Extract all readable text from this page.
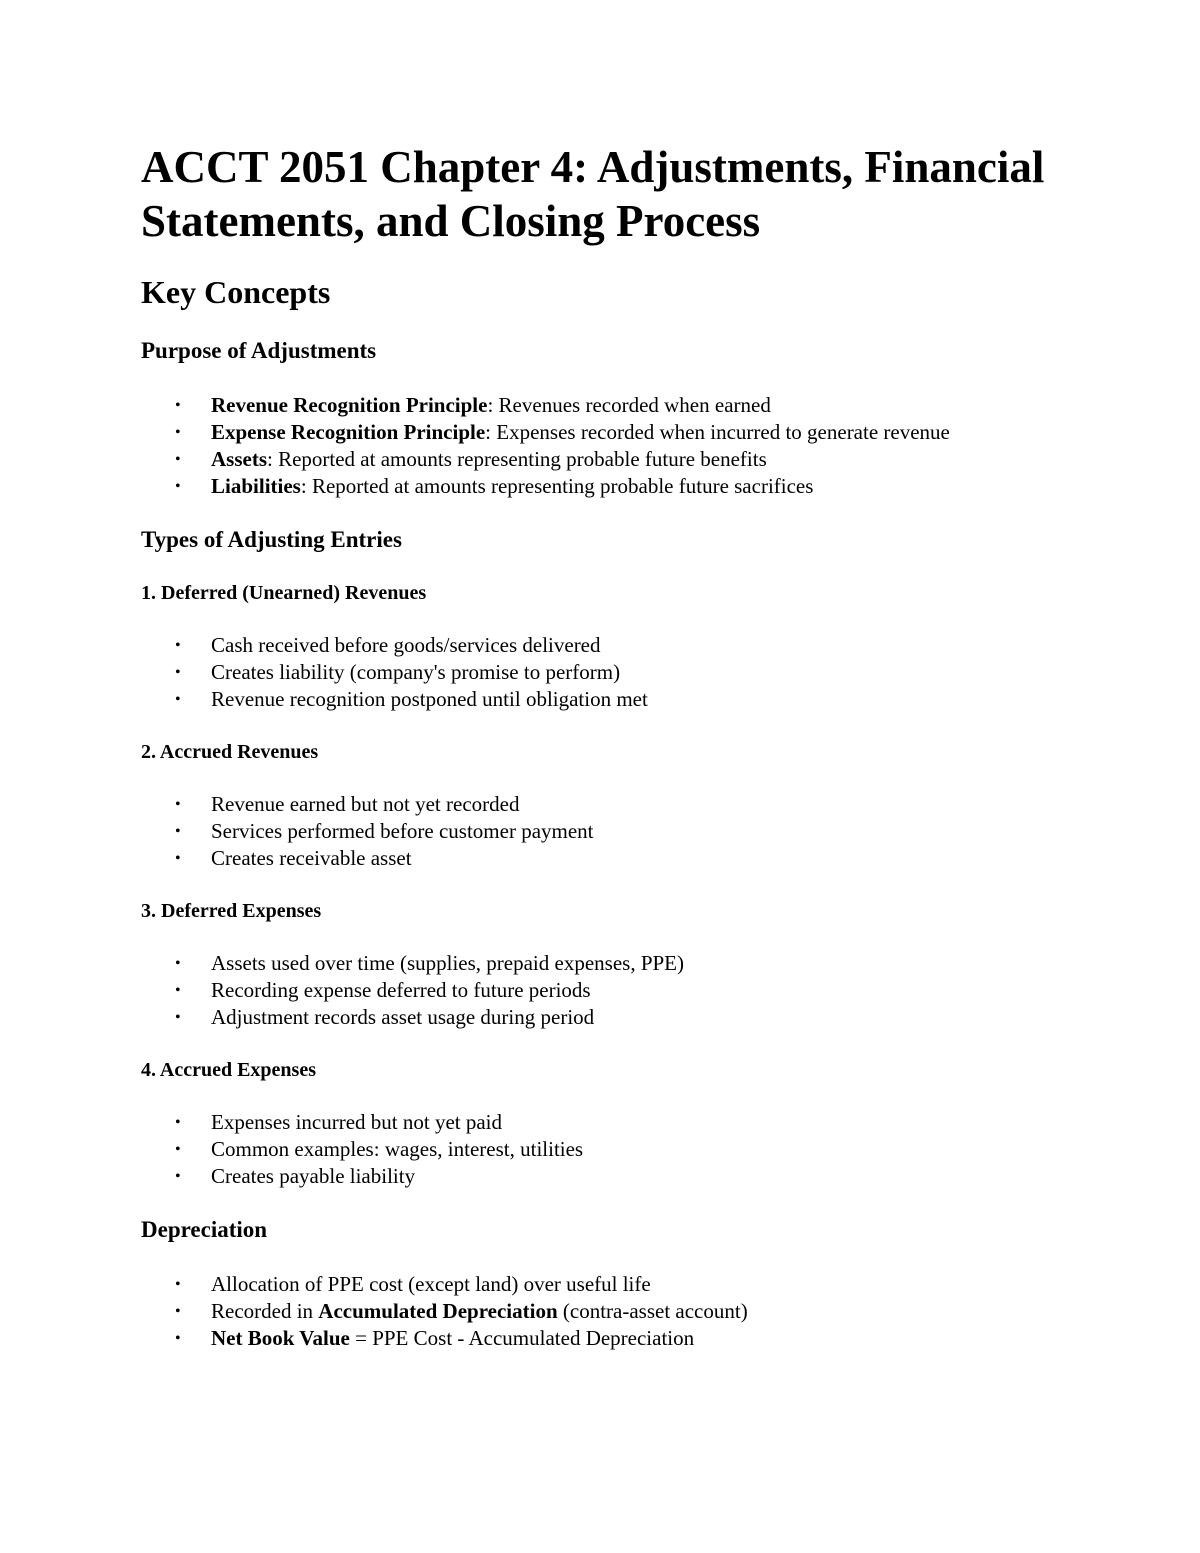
ACCT 2051 Chapter 4: Adjustments, Financial Statements, and Closing Process
Key Concepts
Purpose of Adjustments
• Revenue Recognition Principle: Revenues recorded when earned
• Expense Recognition Principle: Expenses recorded when incurred to generate revenue
• Assets: Reported at amounts representing probable future benefits
• Liabilities: Reported at amounts representing probable future sacrifices
Types of Adjusting Entries
1. Deferred (Unearned) Revenues
• Cash received before goods/services delivered
• Creates liability (company's promise to perform)
• Revenue recognition postponed until obligation met
2. Accrued Revenues
• Revenue earned but not yet recorded
• Services performed before customer payment
• Creates receivable asset
3. Deferred Expenses
• Assets used over time (supplies, prepaid expenses, PPE)
• Recording expense deferred to future periods
• Adjustment records asset usage during period
4. Accrued Expenses
• Expenses incurred but not yet paid
• Common examples: wages, interest, utilities
• Creates payable liability
Depreciation
• Allocation of PPE cost (except land) over useful life
• Recorded in Accumulated Depreciation (contra-asset account)
• Net Book Value = PPE Cost - Accumulated Depreciation
